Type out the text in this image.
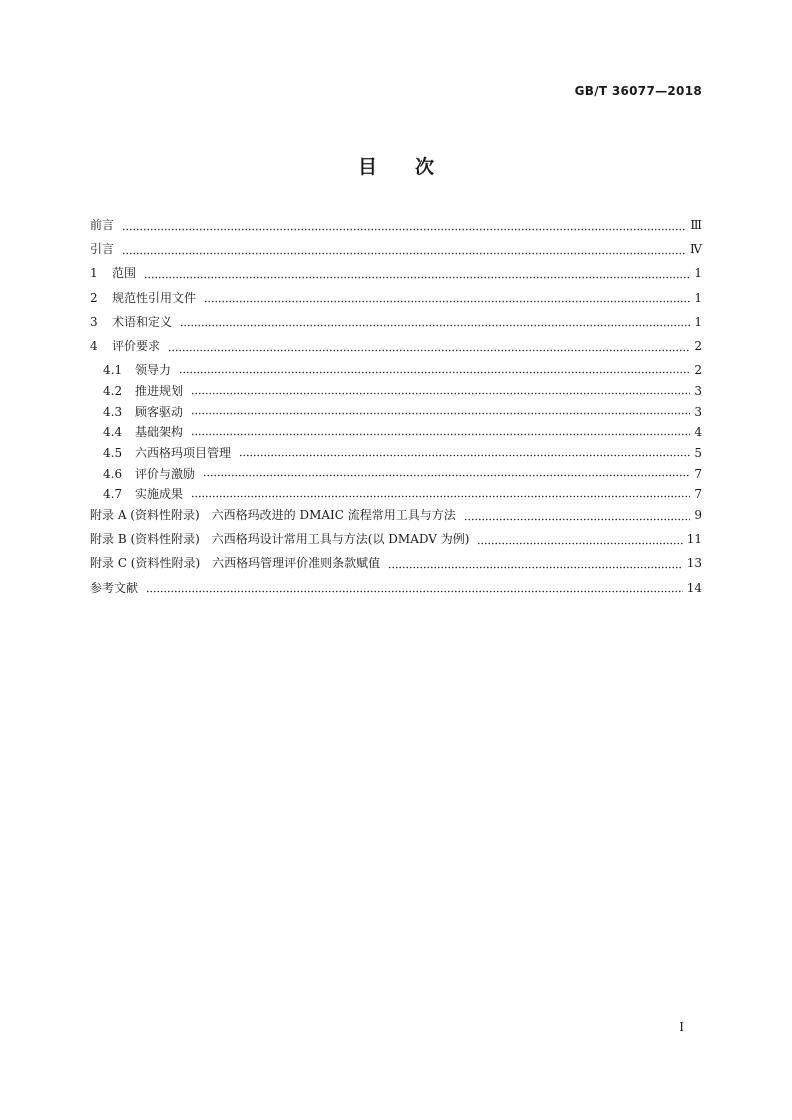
GB/T 36077—2018
目 次
前言	Ⅲ
引言	Ⅳ
1	范围	1
2	规范性引用文件	1
3	术语和定义	1
4	评价要求	2
4.1	领导力	2
4.2	推进规划	3
4.3	顾客驱动	3
4.4	基础架构	4
4.5	六西格玛项目管理	5
4.6	评价与激励	7
4.7	实施成果	7
附录 A (资料性附录)　六西格玛改进的 DMAIC 流程常用工具与方法	9
附录 B (资料性附录)　六西格玛设计常用工具与方法(以 DMADV 为例)	11
附录 C (资料性附录)　六西格玛管理评价准则条款赋值	13
参考文献	14
I
